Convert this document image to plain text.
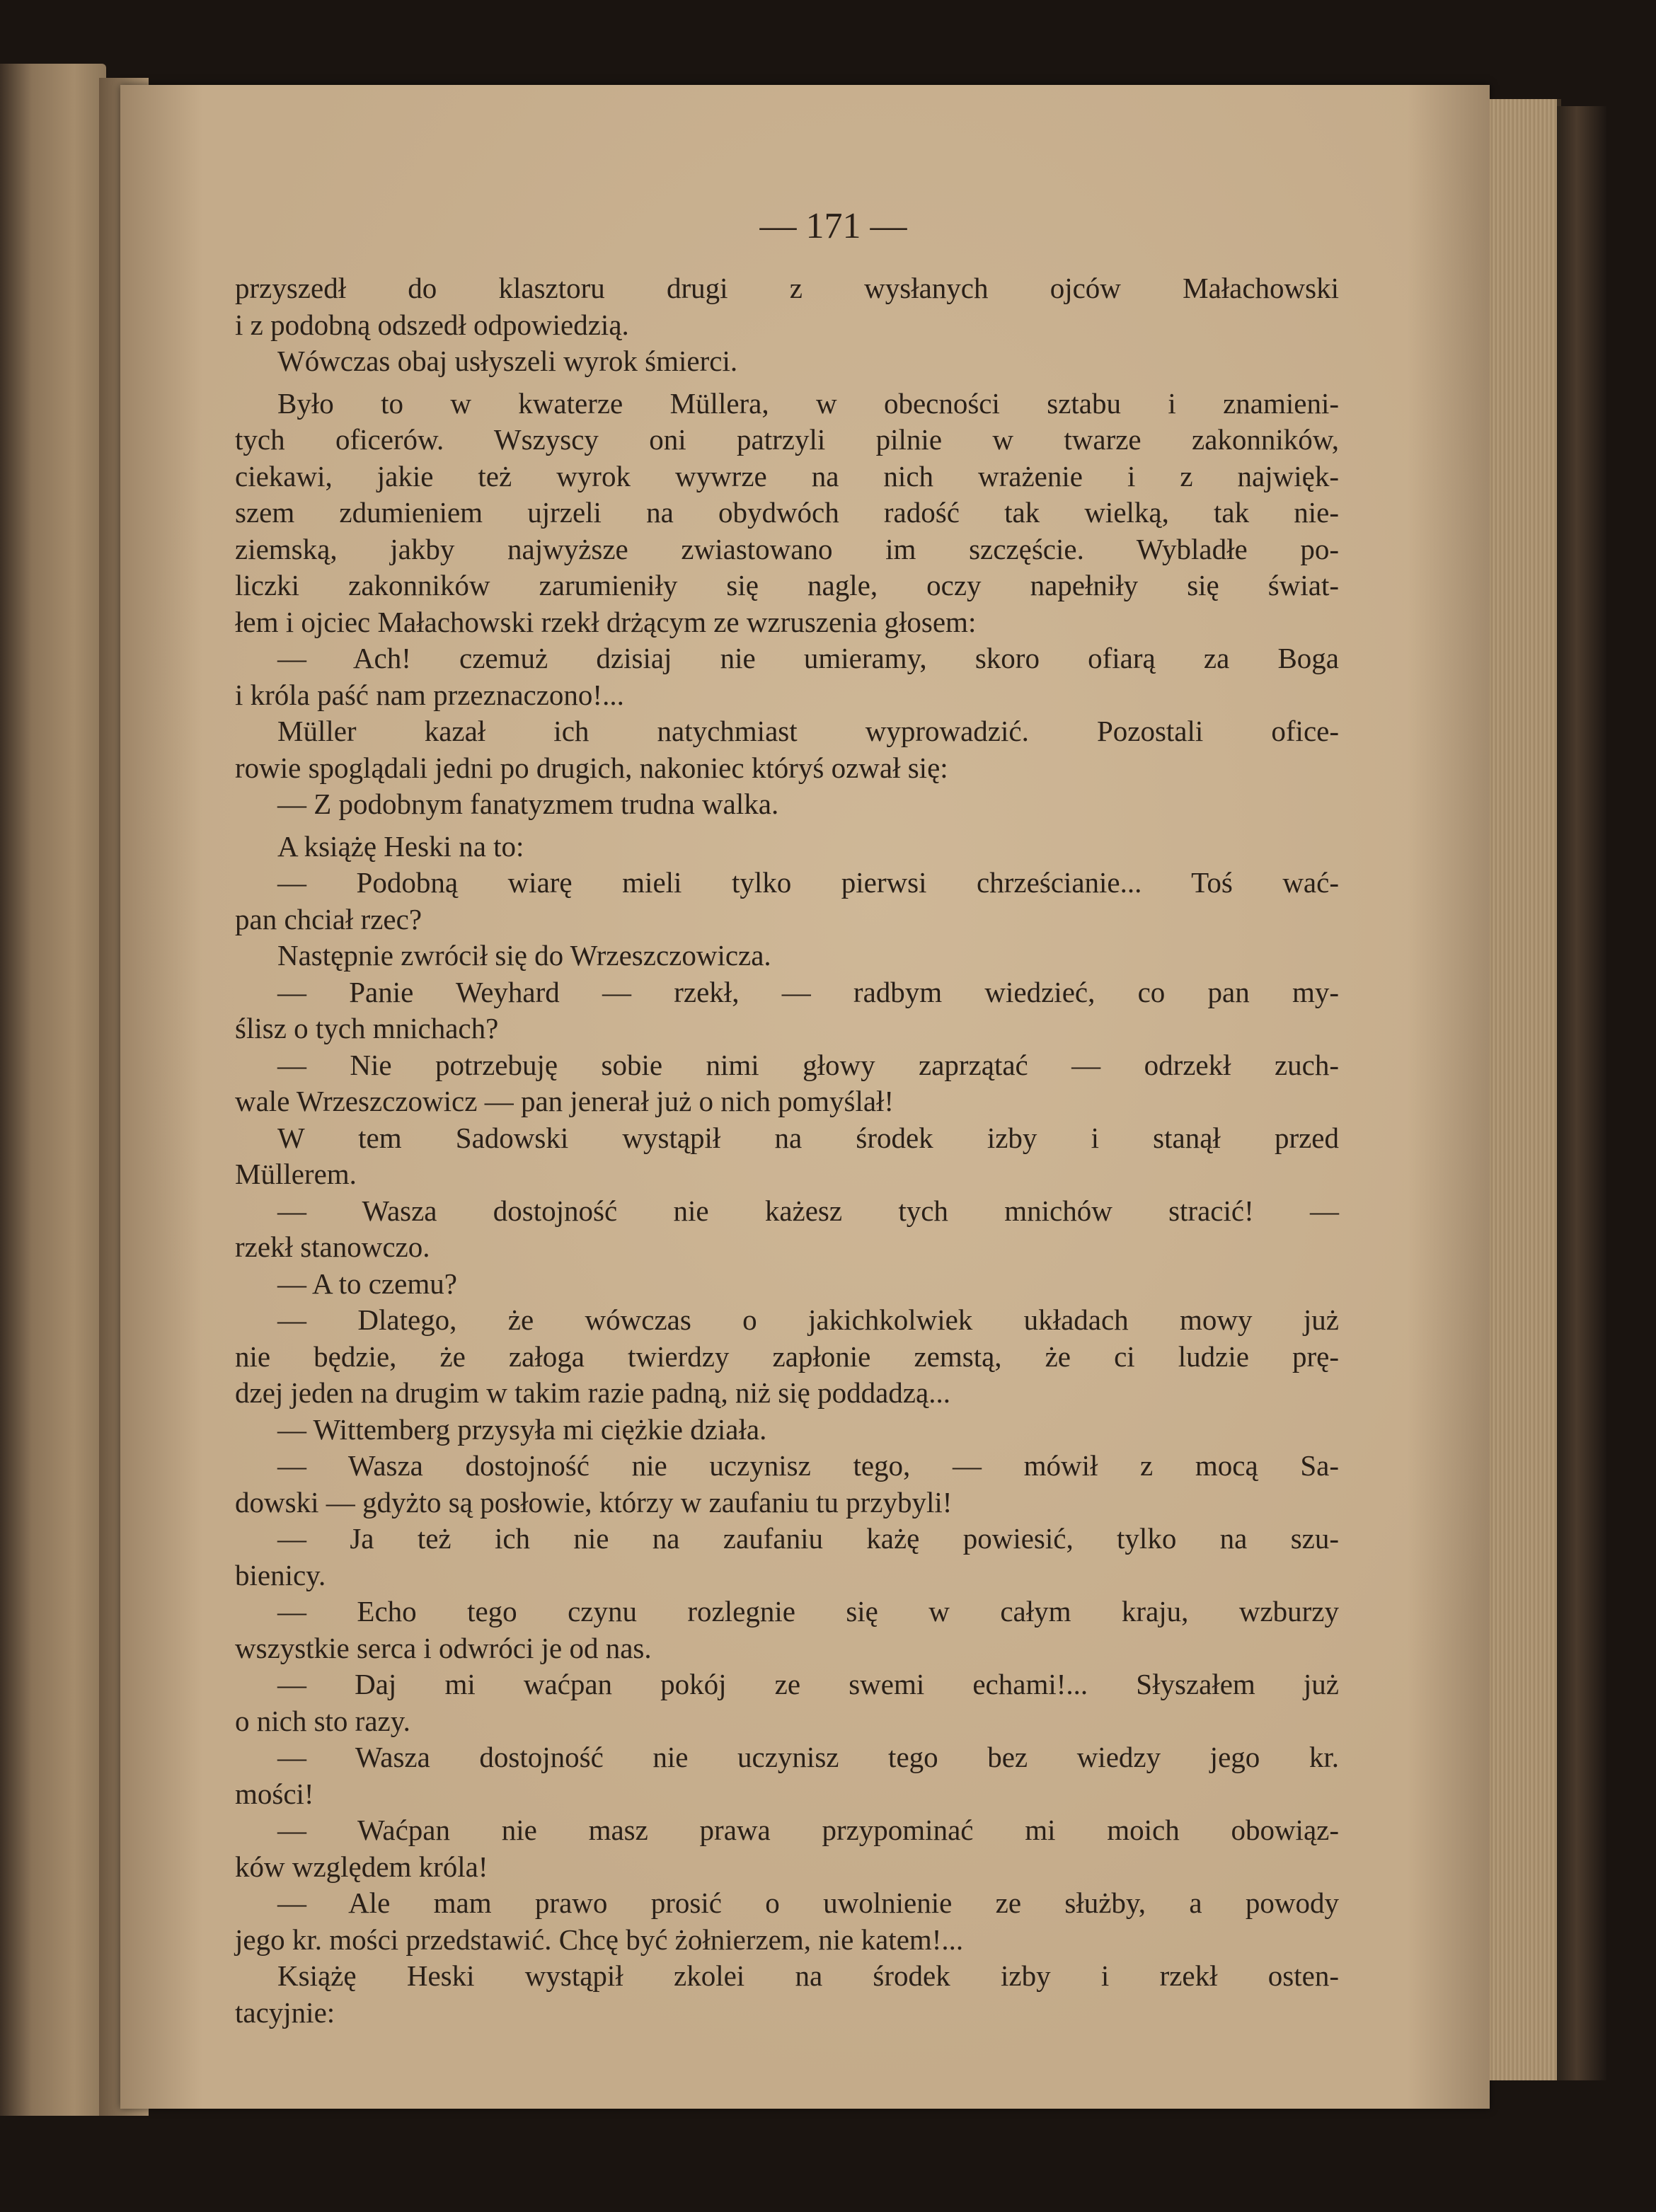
— 171 —

przyszedł do klasztoru drugi z wysłanych ojców Małachowski
i z podobną odszedł odpowiedzią.
Wówczas obaj usłyszeli wyrok śmierci.
Było to w kwaterze Müllera, w obecności sztabu i znamieni-
tych oficerów. Wszyscy oni patrzyli pilnie w twarze zakonników,
ciekawi, jakie też wyrok wywrze na nich wrażenie i z najwięk-
szem zdumieniem ujrzeli na obydwóch radość tak wielką, tak nie-
ziemską, jakby najwyższe zwiastowano im szczęście. Wybladłe po-
liczki zakonników zarumieniły się nagle, oczy napełniły się świat-
łem i ojciec Małachowski rzekł drżącym ze wzruszenia głosem:
— Ach! czemuż dzisiaj nie umieramy, skoro ofiarą za Boga
i króla paść nam przeznaczono!...
Müller kazał ich natychmiast wyprowadzić. Pozostali ofice-
rowie spoglądali jedni po drugich, nakoniec któryś ozwał się:
— Z podobnym fanatyzmem trudna walka.
A książę Heski na to:
— Podobną wiarę mieli tylko pierwsi chrześcianie... Toś wać-
pan chciał rzec?
Następnie zwrócił się do Wrzeszczowicza.
— Panie Weyhard — rzekł, — radbym wiedzieć, co pan my-
ślisz o tych mnichach?
— Nie potrzebuję sobie nimi głowy zaprzątać — odrzekł zuch-
wale Wrzeszczowicz — pan jenerał już o nich pomyślał!
W tem Sadowski wystąpił na środek izby i stanął przed
Müllerem.
— Wasza dostojność nie każesz tych mnichów stracić! —
rzekł stanowczo.
— A to czemu?
— Dlatego, że wówczas o jakichkolwiek układach mowy już
nie będzie, że załoga twierdzy zapłonie zemstą, że ci ludzie prę-
dzej jeden na drugim w takim razie padną, niż się poddadzą...
— Wittemberg przysyła mi ciężkie działa.
— Wasza dostojność nie uczynisz tego, — mówił z mocą Sa-
dowski — gdyżto są posłowie, którzy w zaufaniu tu przybyli!
— Ja też ich nie na zaufaniu każę powiesić, tylko na szu-
bienicy.
— Echo tego czynu rozlegnie się w całym kraju, wzburzy
wszystkie serca i odwróci je od nas.
— Daj mi waćpan pokój ze swemi echami!... Słyszałem już
o nich sto razy.
— Wasza dostojność nie uczynisz tego bez wiedzy jego kr.
mości!
— Waćpan nie masz prawa przypominać mi moich obowiąz-
ków względem króla!
— Ale mam prawo prosić o uwolnienie ze służby, a powody
jego kr. mości przedstawić. Chcę być żołnierzem, nie katem!...
Książę Heski wystąpił zkolei na środek izby i rzekł osten-
tacyjnie:
